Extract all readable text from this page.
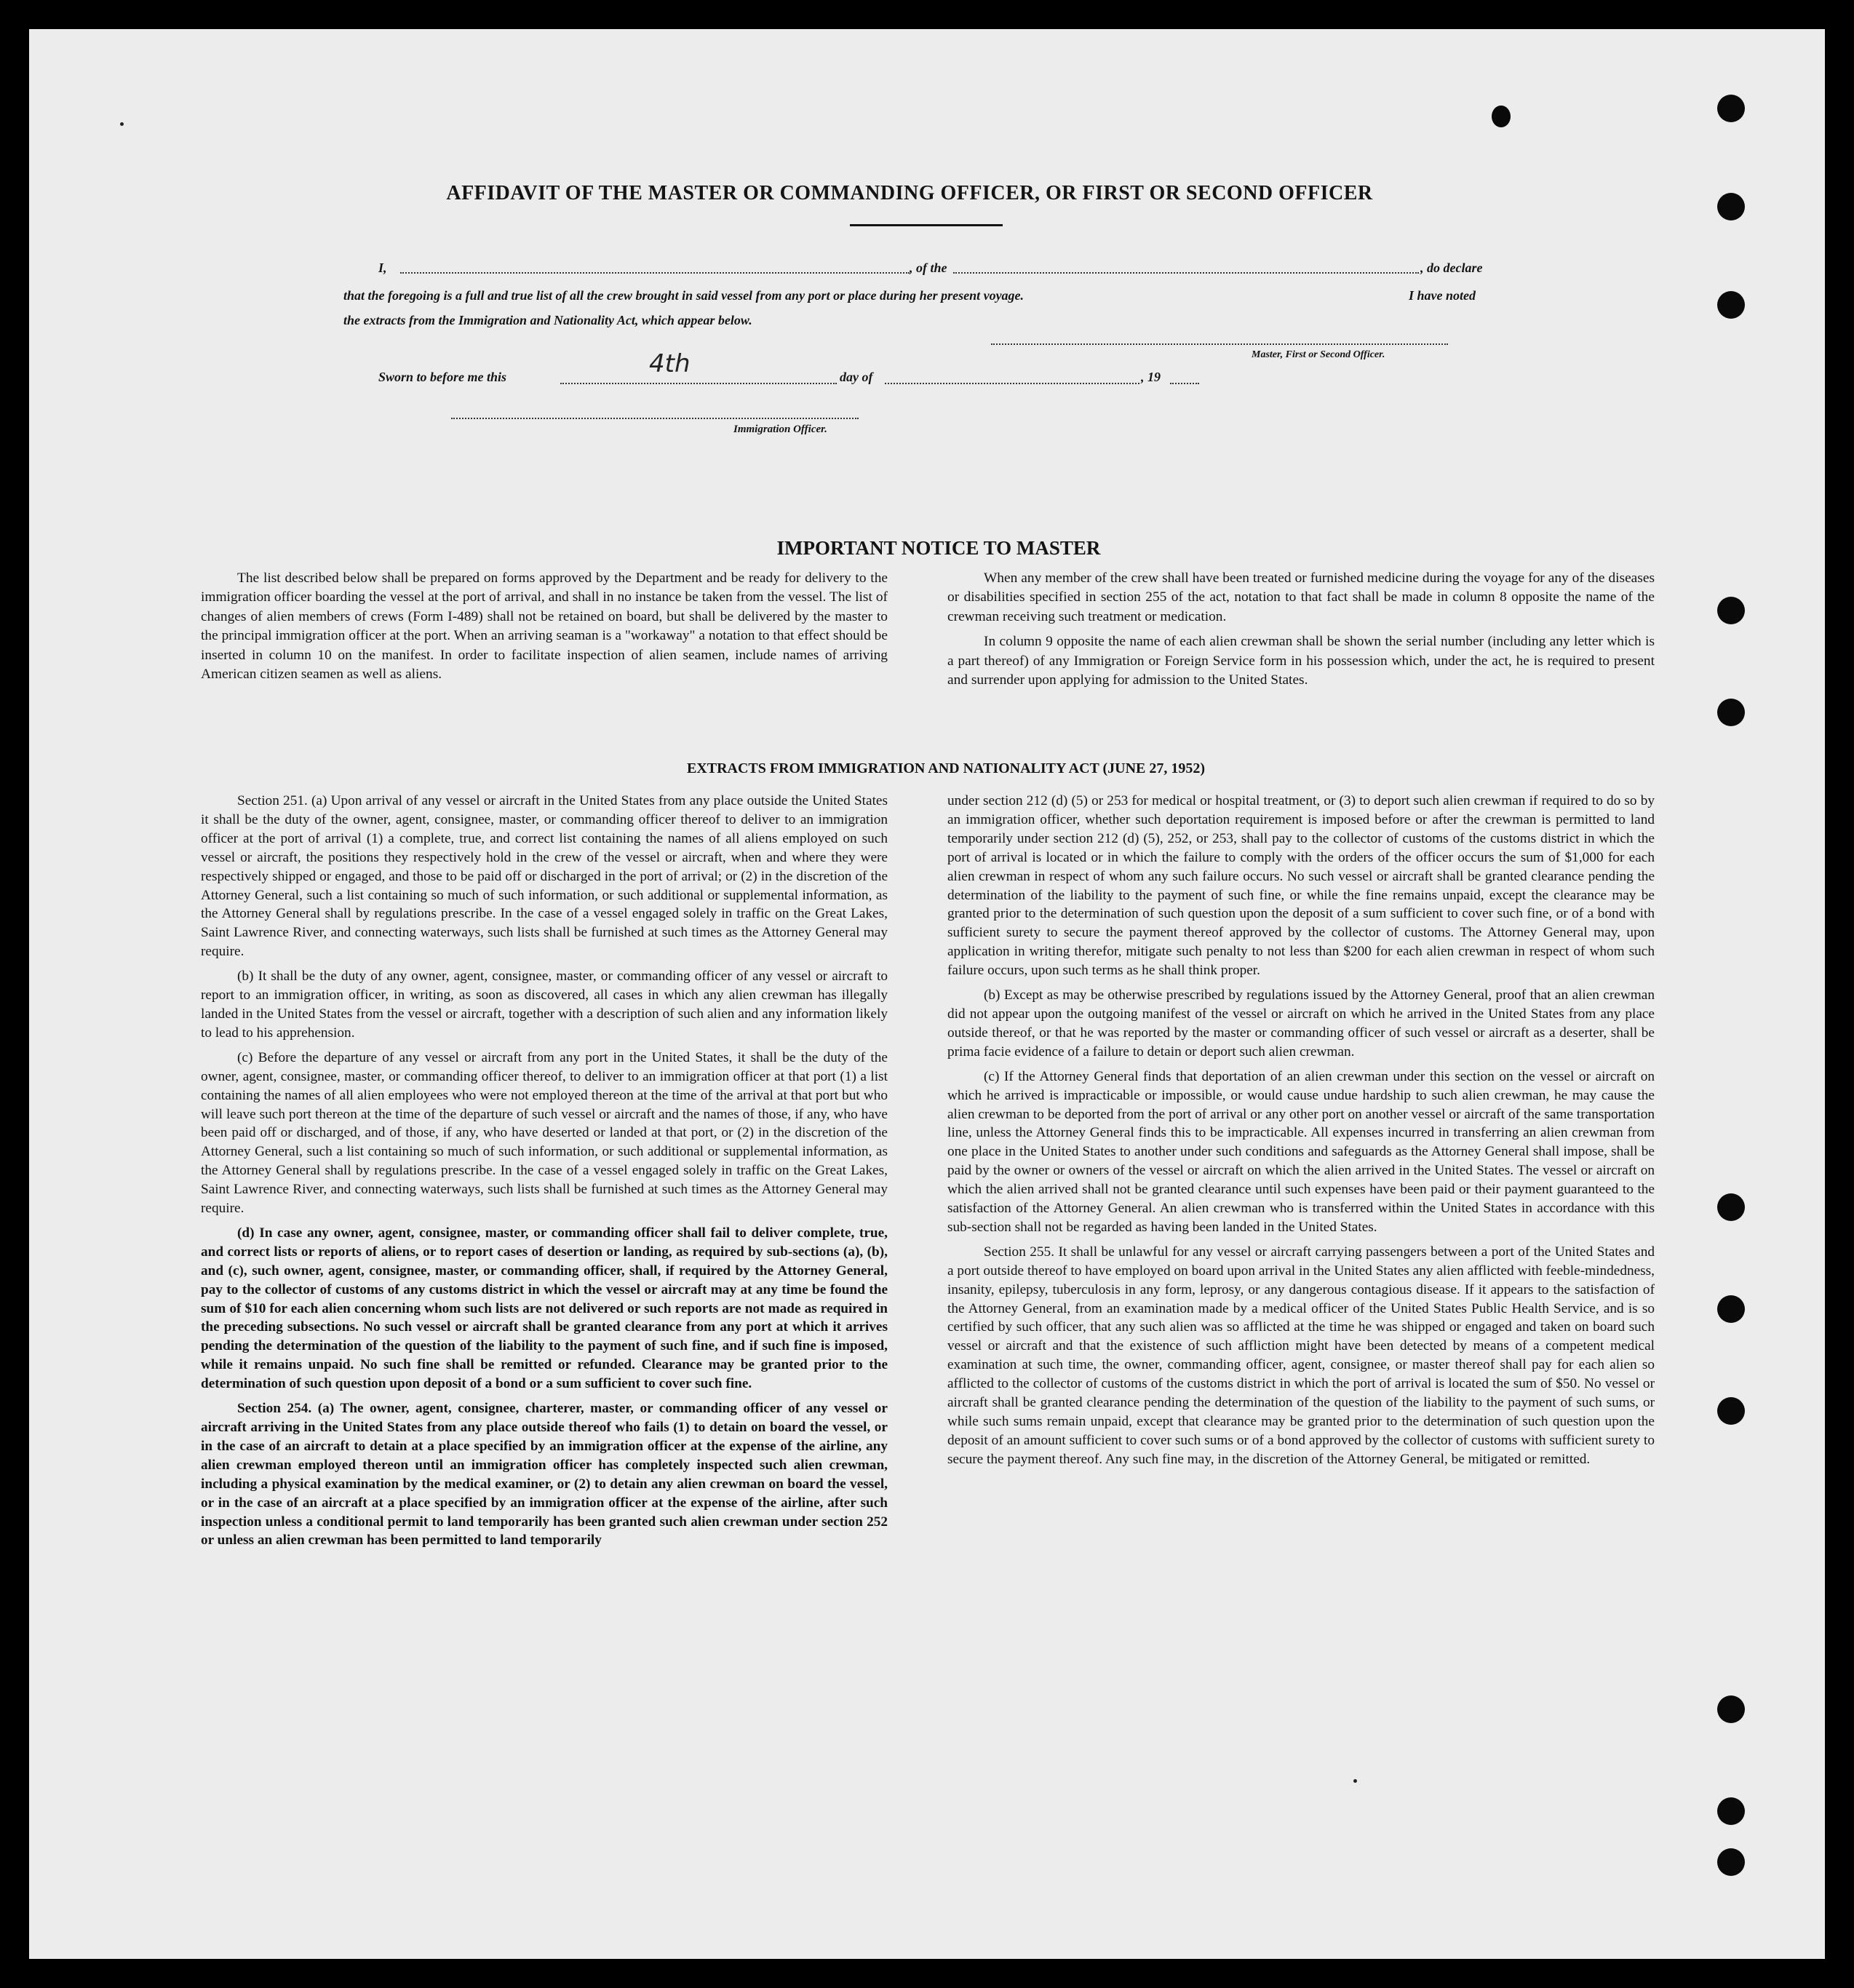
AFFIDAVIT OF THE MASTER OR COMMANDING OFFICER, OR FIRST OR SECOND OFFICER
I,	, of the	, do declare
that the foregoing is a full and true list of all the crew brought in said vessel from any port or place during her present voyage.	I have noted
the extracts from the Immigration and Nationality Act, which appear below.
Master, First or Second Officer.
Sworn to before me this	4th	day of	, 19
Immigration Officer.
IMPORTANT NOTICE TO MASTER

The list described below shall be prepared on forms approved by the Department and be ready for delivery to the immigration officer boarding the vessel at the port of arrival, and shall in no instance be taken from the vessel. The list of changes of alien members of crews (Form I-489) shall not be retained on board, but shall be delivered by the master to the principal immigration officer at the port. When an arriving seaman is a "workaway" a notation to that effect should be inserted in column 10 on the manifest. In order to facilitate inspection of alien seamen, include names of arriving American citizen seamen as well as aliens.

When any member of the crew shall have been treated or furnished medicine during the voyage for any of the diseases or disabilities specified in section 255 of the act, notation to that fact shall be made in column 8 opposite the name of the crewman receiving such treatment or medication.

In column 9 opposite the name of each alien crewman shall be shown the serial number (including any letter which is a part thereof) of any Immigration or Foreign Service form in his possession which, under the act, he is required to present and surrender upon applying for admission to the United States.

EXTRACTS FROM IMMIGRATION AND NATIONALITY ACT (JUNE 27, 1952)

Section 251. (a) Upon arrival of any vessel or aircraft in the United States from any place outside the United States it shall be the duty of the owner, agent, consignee, master, or commanding officer thereof to deliver to an immigration officer at the port of arrival (1) a complete, true, and correct list containing the names of all aliens employed on such vessel or aircraft, the positions they respectively hold in the crew of the vessel or aircraft, when and where they were respectively shipped or engaged, and those to be paid off or discharged in the port of arrival; or (2) in the discretion of the Attorney General, such a list containing so much of such information, or such additional or supplemental information, as the Attorney General shall by regulations prescribe. In the case of a vessel engaged solely in traffic on the Great Lakes, Saint Lawrence River, and connecting waterways, such lists shall be furnished at such times as the Attorney General may require.

(b) It shall be the duty of any owner, agent, consignee, master, or commanding officer of any vessel or aircraft to report to an immigration officer, in writing, as soon as discovered, all cases in which any alien crewman has illegally landed in the United States from the vessel or aircraft, together with a description of such alien and any information likely to lead to his apprehension.

(c) Before the departure of any vessel or aircraft from any port in the United States, it shall be the duty of the owner, agent, consignee, master, or commanding officer thereof, to deliver to an immigration officer at that port (1) a list containing the names of all alien employees who were not employed thereon at the time of the arrival at that port but who will leave such port thereon at the time of the departure of such vessel or aircraft and the names of those, if any, who have been paid off or discharged, and of those, if any, who have deserted or landed at that port, or (2) in the discretion of the Attorney General, such a list containing so much of such information, or such additional or supplemental information, as the Attorney General shall by regulations prescribe. In the case of a vessel engaged solely in traffic on the Great Lakes, Saint Lawrence River, and connecting waterways, such lists shall be furnished at such times as the Attorney General may require.

(d) In case any owner, agent, consignee, master, or commanding officer shall fail to deliver complete, true, and correct lists or reports of aliens, or to report cases of desertion or landing, as required by sub-sections (a), (b), and (c), such owner, agent, consignee, master, or commanding officer, shall, if required by the Attorney General, pay to the collector of customs of any customs district in which the vessel or aircraft may at any time be found the sum of $10 for each alien concerning whom such lists are not delivered or such reports are not made as required in the preceding subsections. No such vessel or aircraft shall be granted clearance from any port at which it arrives pending the determination of the question of the liability to the payment of such fine, and if such fine is imposed, while it remains unpaid. No such fine shall be remitted or refunded. Clearance may be granted prior to the determination of such question upon deposit of a bond or a sum sufficient to cover such fine.

Section 254. (a) The owner, agent, consignee, charterer, master, or commanding officer of any vessel or aircraft arriving in the United States from any place outside thereof who fails (1) to detain on board the vessel, or in the case of an aircraft to detain at a place specified by an immigration officer at the expense of the airline, any alien crewman employed thereon until an immigration officer has completely inspected such alien crewman, including a physical examination by the medical examiner, or (2) to detain any alien crewman on board the vessel, or in the case of an aircraft at a place specified by an immigration officer at the expense of the airline, after such inspection unless a conditional permit to land temporarily has been granted such alien crewman under section 252 or unless an alien crewman has been permitted to land temporarily

under section 212 (d) (5) or 253 for medical or hospital treatment, or (3) to deport such alien crewman if required to do so by an immigration officer, whether such deportation requirement is imposed before or after the crewman is permitted to land temporarily under section 212 (d) (5), 252, or 253, shall pay to the collector of customs of the customs district in which the port of arrival is located or in which the failure to comply with the orders of the officer occurs the sum of $1,000 for each alien crewman in respect of whom any such failure occurs. No such vessel or aircraft shall be granted clearance pending the determination of the liability to the payment of such fine, or while the fine remains unpaid, except the clearance may be granted prior to the determination of such question upon the deposit of a sum sufficient to cover such fine, or of a bond with sufficient surety to secure the payment thereof approved by the collector of customs. The Attorney General may, upon application in writing therefor, mitigate such penalty to not less than $200 for each alien crewman in respect of whom such failure occurs, upon such terms as he shall think proper.

(b) Except as may be otherwise prescribed by regulations issued by the Attorney General, proof that an alien crewman did not appear upon the outgoing manifest of the vessel or aircraft on which he arrived in the United States from any place outside thereof, or that he was reported by the master or commanding officer of such vessel or aircraft as a deserter, shall be prima facie evidence of a failure to detain or deport such alien crewman.

(c) If the Attorney General finds that deportation of an alien crewman under this section on the vessel or aircraft on which he arrived is impracticable or impossible, or would cause undue hardship to such alien crewman, he may cause the alien crewman to be deported from the port of arrival or any other port on another vessel or aircraft of the same transportation line, unless the Attorney General finds this to be impracticable. All expenses incurred in transferring an alien crewman from one place in the United States to another under such conditions and safeguards as the Attorney General shall impose, shall be paid by the owner or owners of the vessel or aircraft on which the alien arrived in the United States. The vessel or aircraft on which the alien arrived shall not be granted clearance until such expenses have been paid or their payment guaranteed to the satisfaction of the Attorney General. An alien crewman who is transferred within the United States in accordance with this sub-section shall not be regarded as having been landed in the United States.

Section 255. It shall be unlawful for any vessel or aircraft carrying passengers between a port of the United States and a port outside thereof to have employed on board upon arrival in the United States any alien afflicted with feeble-mindedness, insanity, epilepsy, tuberculosis in any form, leprosy, or any dangerous contagious disease. If it appears to the satisfaction of the Attorney General, from an examination made by a medical officer of the United States Public Health Service, and is so certified by such officer, that any such alien was so afflicted at the time he was shipped or engaged and taken on board such vessel or aircraft and that the existence of such affliction might have been detected by means of a competent medical examination at such time, the owner, commanding officer, agent, consignee, or master thereof shall pay for each alien so afflicted to the collector of customs of the customs district in which the port of arrival is located the sum of $50. No vessel or aircraft shall be granted clearance pending the determination of the question of the liability to the payment of such sums, or while such sums remain unpaid, except that clearance may be granted prior to the determination of such question upon the deposit of an amount sufficient to cover such sums or of a bond approved by the collector of customs with sufficient surety to secure the payment thereof. Any such fine may, in the discretion of the Attorney General, be mitigated or remitted.
